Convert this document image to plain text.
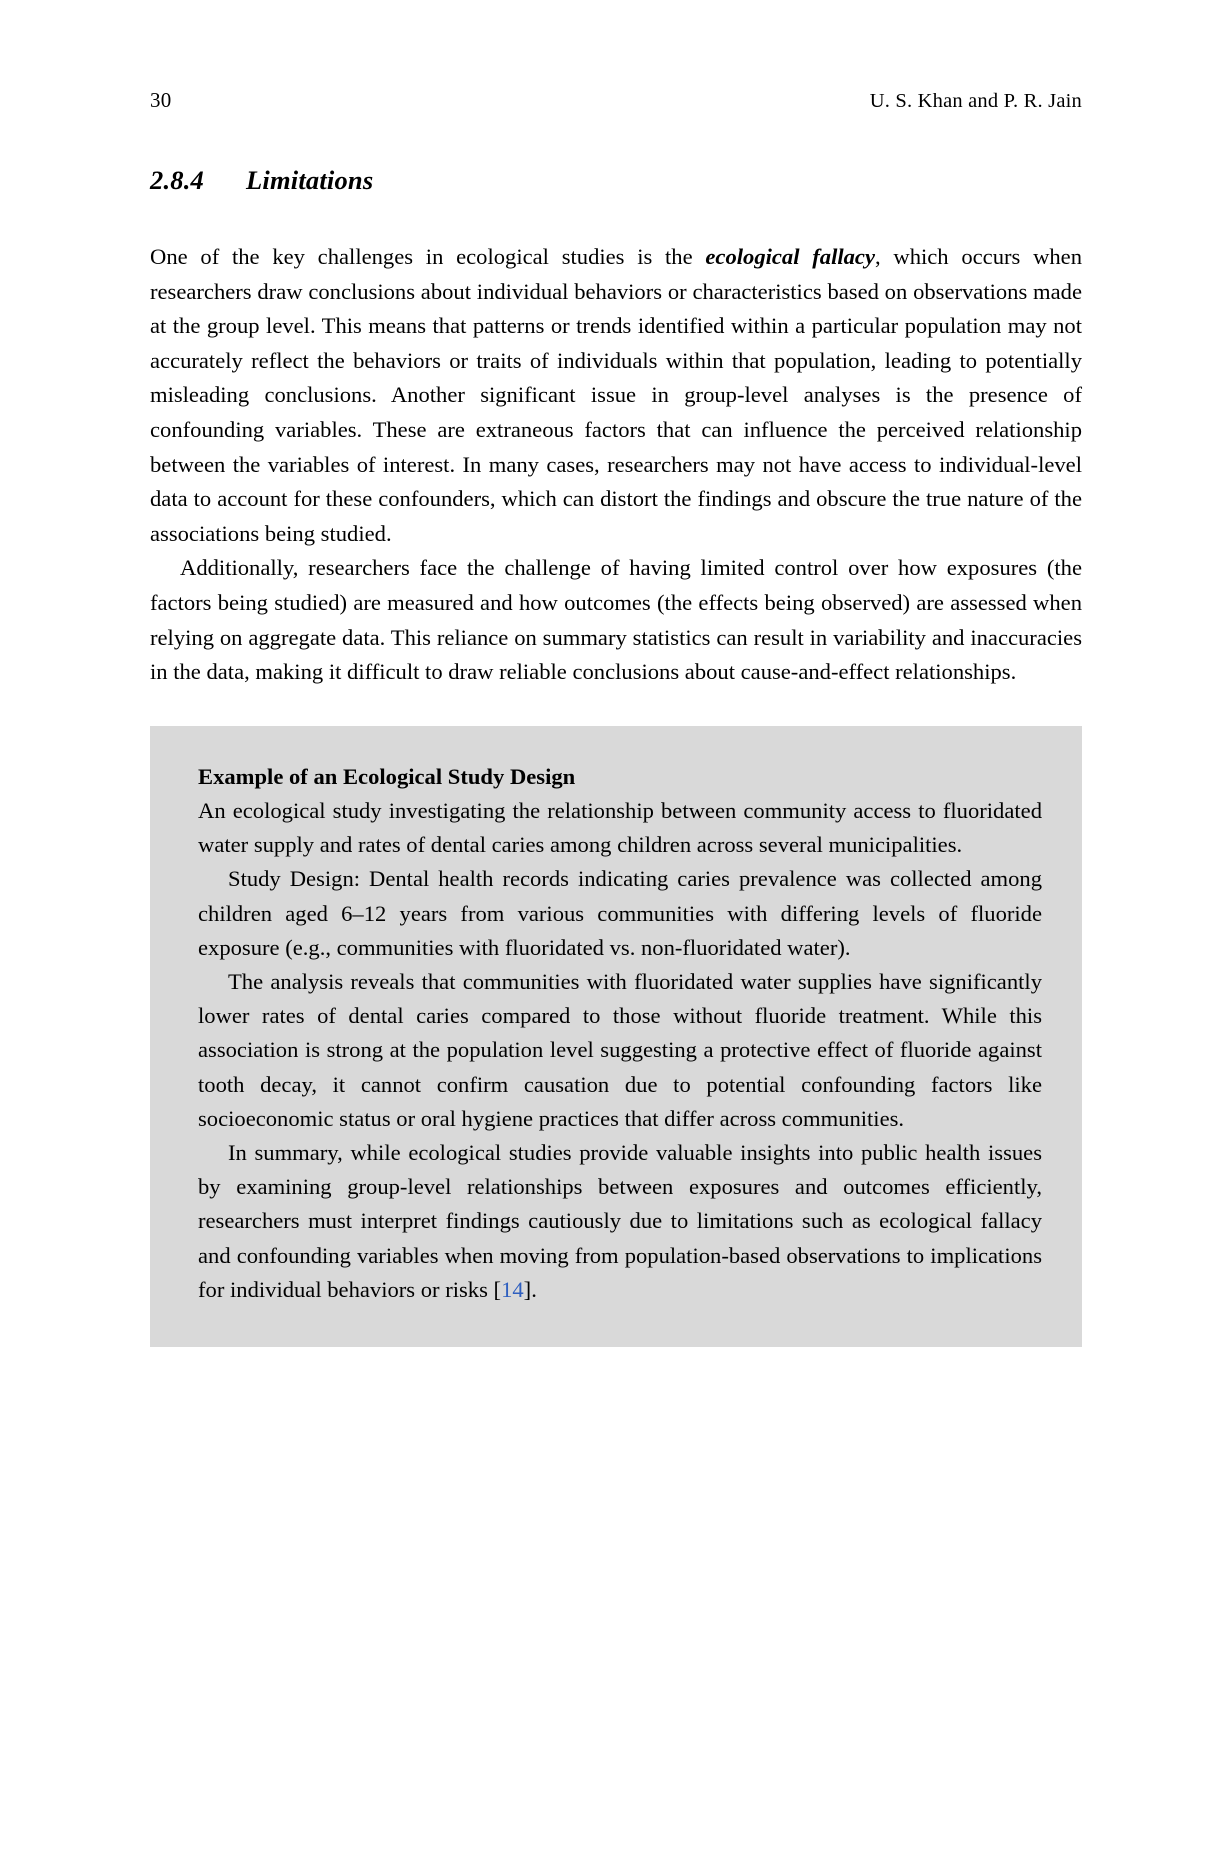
30	U. S. Khan and P. R. Jain
2.8.4	Limitations

One of the key challenges in ecological studies is the ecological fallacy, which occurs when researchers draw conclusions about individual behaviors or characteristics based on observations made at the group level. This means that patterns or trends identified within a particular population may not accurately reflect the behaviors or traits of individuals within that population, leading to potentially misleading conclusions. Another significant issue in group-level analyses is the presence of confounding variables. These are extraneous factors that can influence the perceived relationship between the variables of interest. In many cases, researchers may not have access to individual-level data to account for these confounders, which can distort the findings and obscure the true nature of the associations being studied.

Additionally, researchers face the challenge of having limited control over how exposures (the factors being studied) are measured and how outcomes (the effects being observed) are assessed when relying on aggregate data. This reliance on summary statistics can result in variability and inaccuracies in the data, making it difficult to draw reliable conclusions about cause-and-effect relationships.

Example of an Ecological Study Design

An ecological study investigating the relationship between community access to fluoridated water supply and rates of dental caries among children across several municipalities.

Study Design: Dental health records indicating caries prevalence was collected among children aged 6–12 years from various communities with differing levels of fluoride exposure (e.g., communities with fluoridated vs. non-fluoridated water).

The analysis reveals that communities with fluoridated water supplies have significantly lower rates of dental caries compared to those without fluoride treatment. While this association is strong at the population level suggesting a protective effect of fluoride against tooth decay, it cannot confirm causation due to potential confounding factors like socioeconomic status or oral hygiene practices that differ across communities.

In summary, while ecological studies provide valuable insights into public health issues by examining group-level relationships between exposures and outcomes efficiently, researchers must interpret findings cautiously due to limitations such as ecological fallacy and confounding variables when moving from population-based observations to implications for individual behaviors or risks [14].
